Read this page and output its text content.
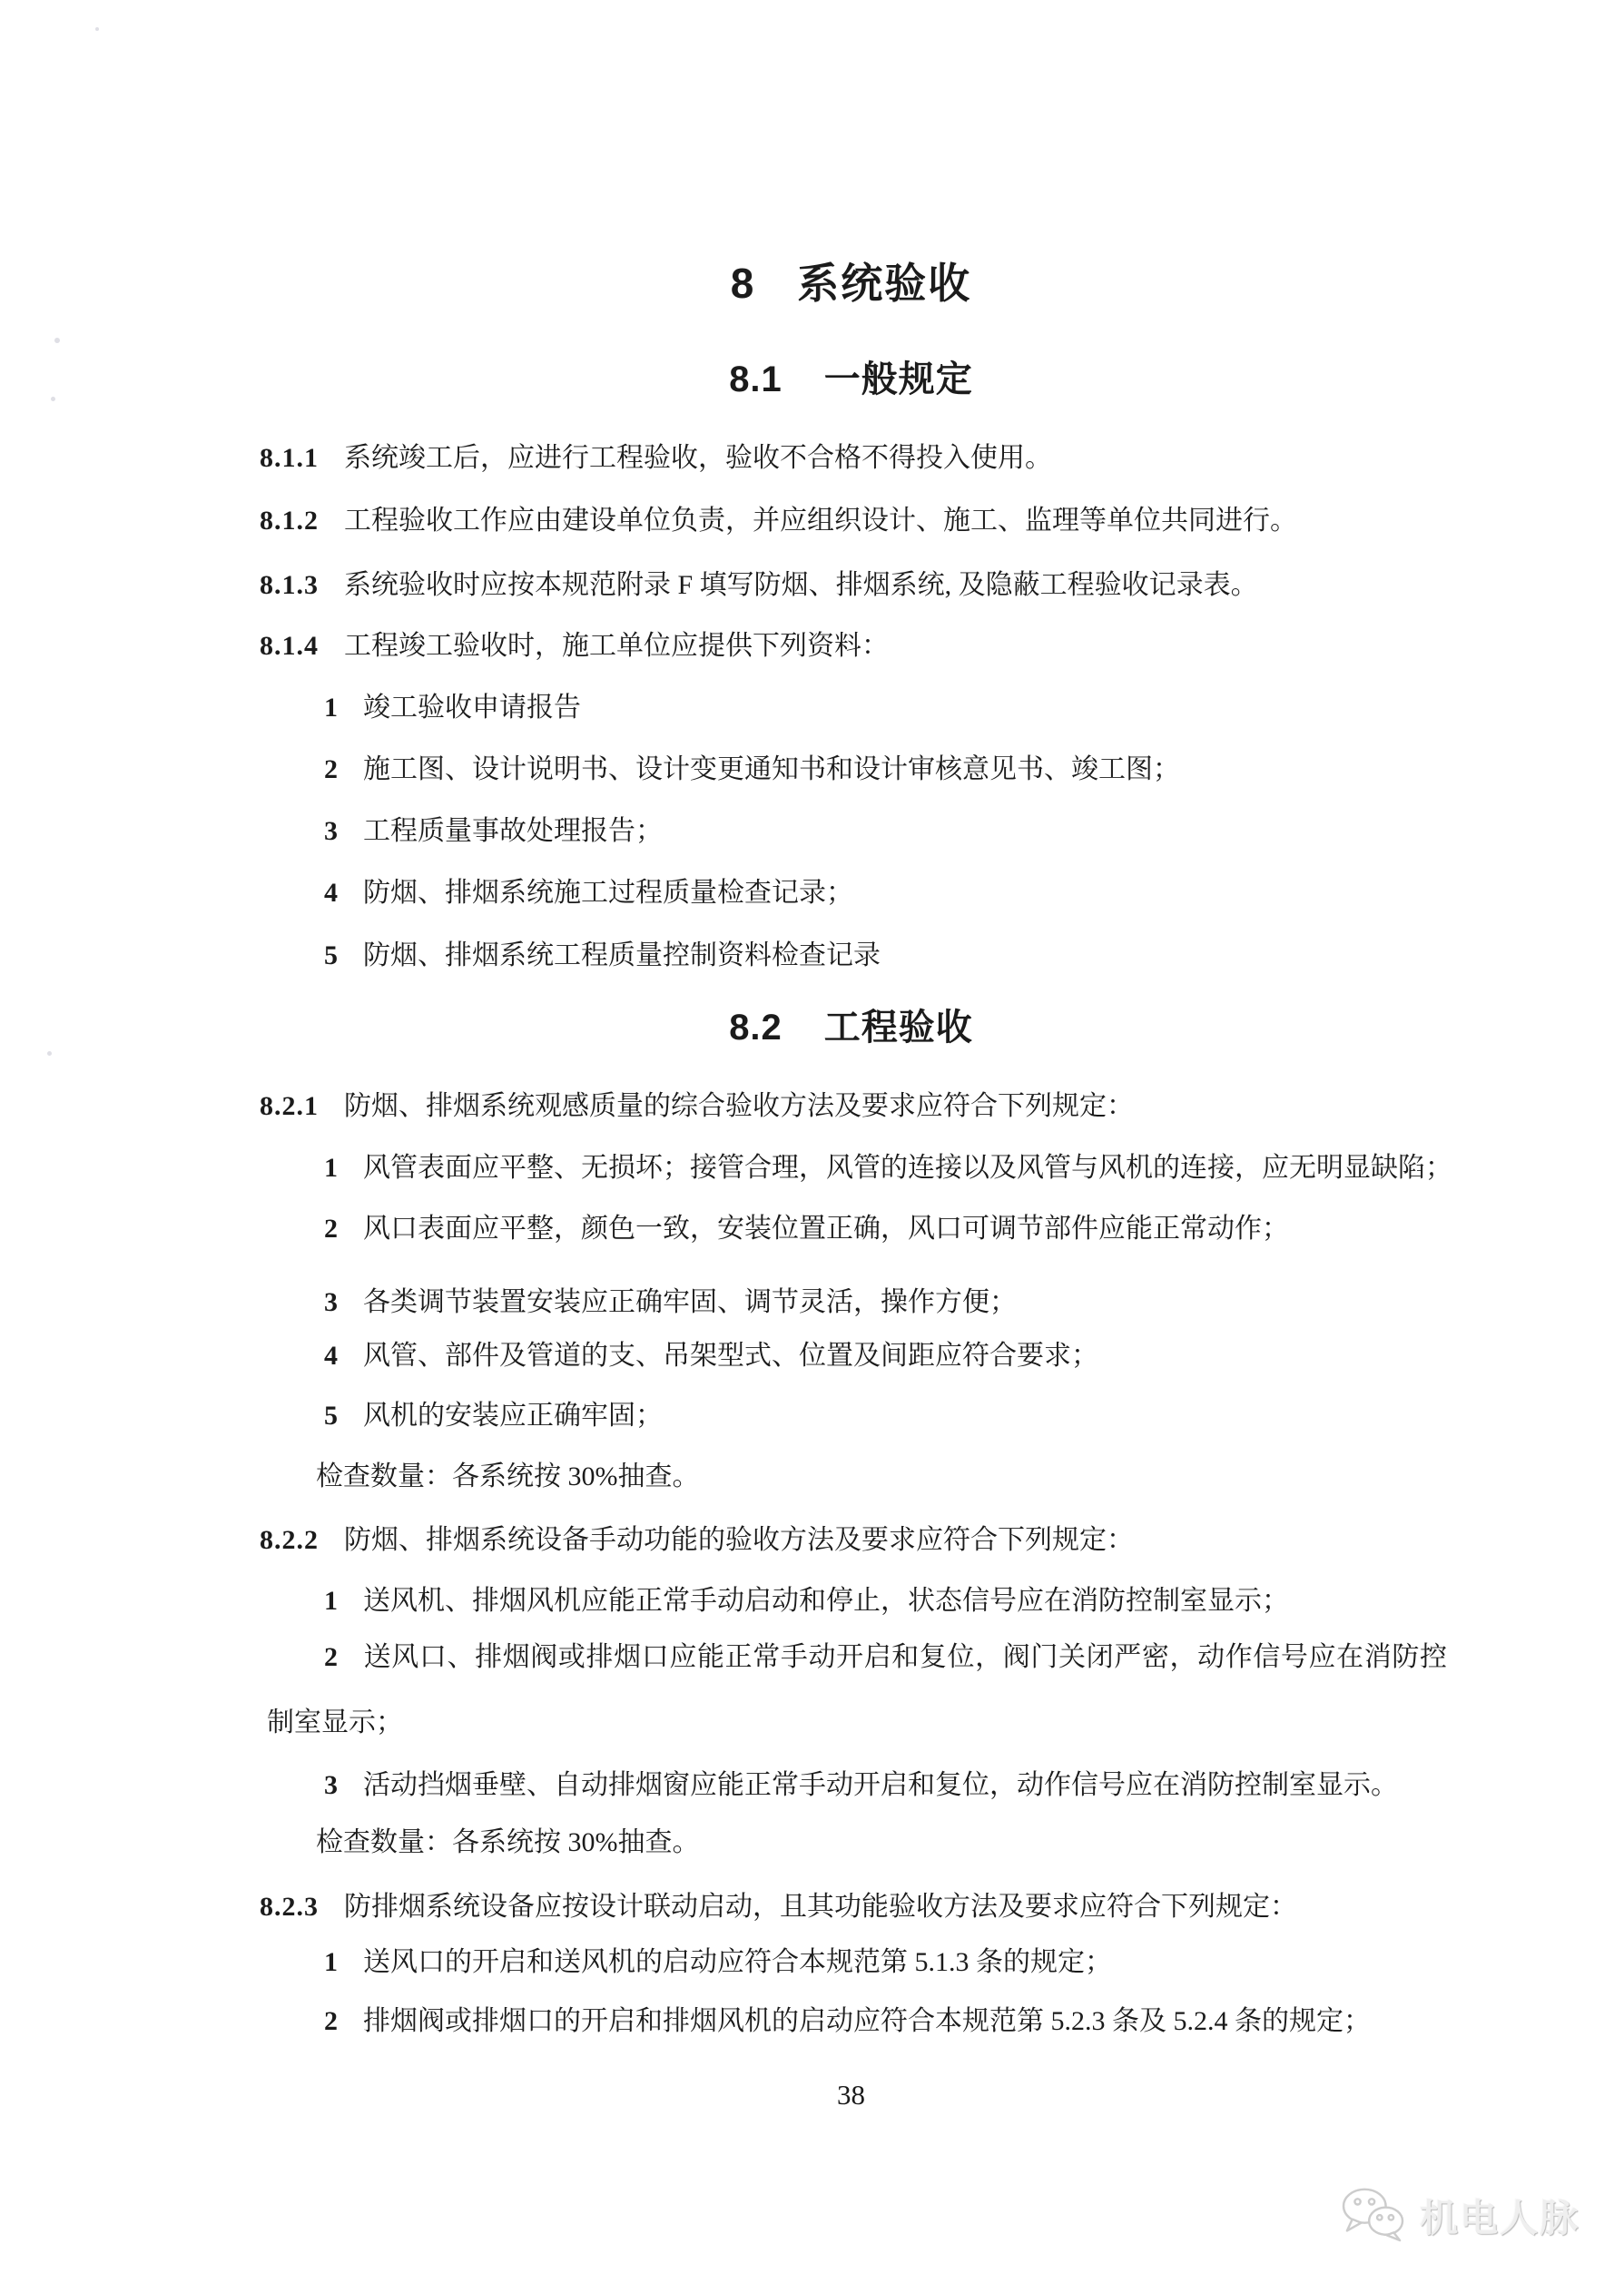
8 系统验收
8.1 一般规定
8.1.1 系统竣工后，应进行工程验收，验收不合格不得投入使用。
8.1.2 工程验收工作应由建设单位负责，并应组织设计、施工、监理等单位共同进行。
8.1.3 系统验收时应按本规范附录 F 填写防烟、排烟系统, 及隐蔽工程验收记录表。
8.1.4 工程竣工验收时，施工单位应提供下列资料：
1 竣工验收申请报告
2 施工图、设计说明书、设计变更通知书和设计审核意见书、竣工图；
3 工程质量事故处理报告；
4 防烟、排烟系统施工过程质量检查记录；
5 防烟、排烟系统工程质量控制资料检查记录
8.2 工程验收
8.2.1 防烟、排烟系统观感质量的综合验收方法及要求应符合下列规定：
1 风管表面应平整、无损坏；接管合理，风管的连接以及风管与风机的连接，应无明显缺陷；
2 风口表面应平整，颜色一致，安装位置正确，风口可调节部件应能正常动作；
3 各类调节装置安装应正确牢固、调节灵活，操作方便；
4 风管、部件及管道的支、吊架型式、位置及间距应符合要求；
5 风机的安装应正确牢固；
检查数量：各系统按 30%抽查。
8.2.2 防烟、排烟系统设备手动功能的验收方法及要求应符合下列规定：
1 送风机、排烟风机应能正常手动启动和停止，状态信号应在消防控制室显示；
2 送风口、排烟阀或排烟口应能正常手动开启和复位，阀门关闭严密，动作信号应在消防控制室显示；
3 活动挡烟垂壁、自动排烟窗应能正常手动开启和复位，动作信号应在消防控制室显示。
检查数量：各系统按 30%抽查。
8.2.3 防排烟系统设备应按设计联动启动，且其功能验收方法及要求应符合下列规定：
1 送风口的开启和送风机的启动应符合本规范第 5.1.3 条的规定；
2 排烟阀或排烟口的开启和排烟风机的启动应符合本规范第 5.2.3 条及 5.2.4 条的规定；
38
机电人脉
